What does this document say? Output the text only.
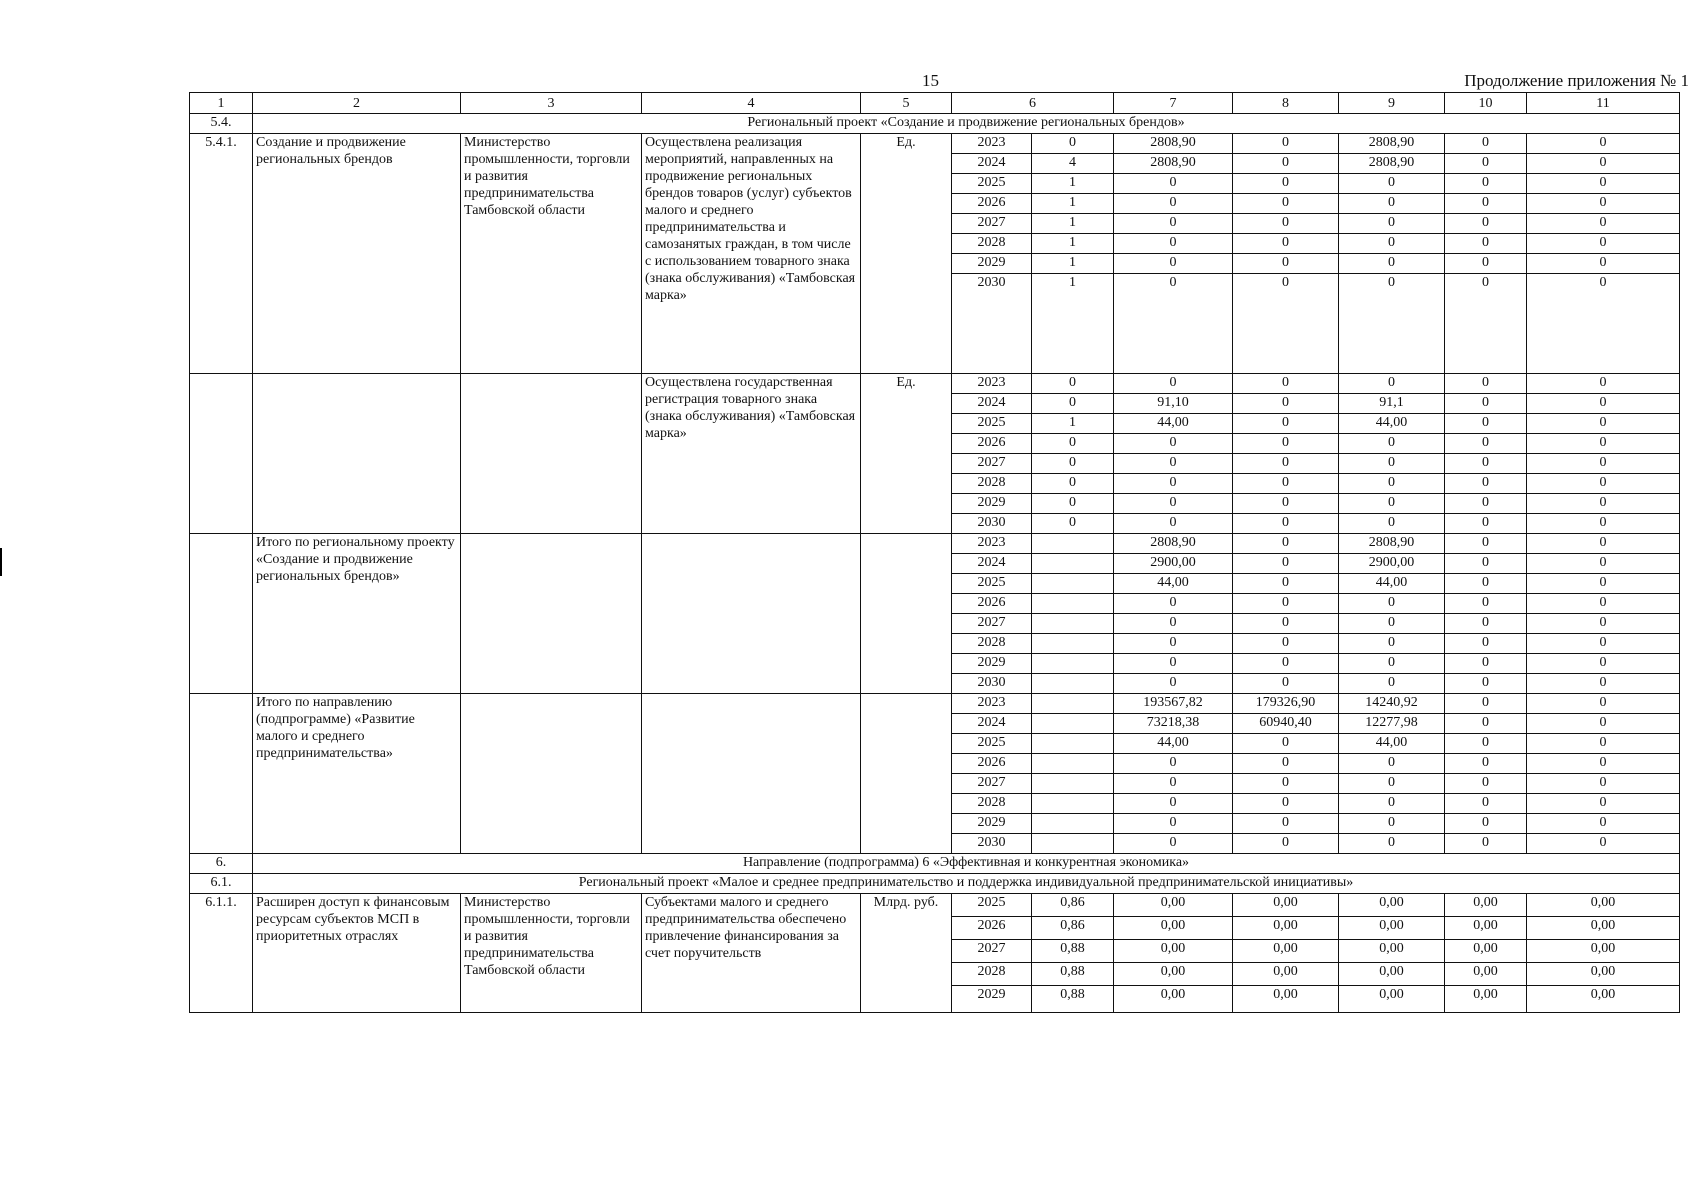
15	Продолжение приложения № 1
1	2	3	4	5	6		7	8	9	10	11
5.4.	Региональный проект «Создание и продвижение региональных брендов»										
5.4.1.	Создание и продвижение региональных брендов	Министерство промышленности, торговли и развития предпринимательства Тамбовской области	Осуществлена реализация мероприятий, направленных на продвижение региональных брендов товаров (услуг) субъектов малого и среднего предпринимательства и самозанятых граждан, в том числе с использованием товарного знака (знака обслуживания) «Тамбовская марка»	Ед.	2023	0	2808,90	0	2808,90	0	0
					2024	4	2808,90	0	2808,90	0	0
					2025	1	0	0	0	0	0
					2026	1	0	0	0	0	0
					2027	1	0	0	0	0	0
					2028	1	0	0	0	0	0
					2029	1	0	0	0	0	0
					2030	1	0	0	0	0	0
			Осуществлена государственная регистрация товарного знака (знака обслуживания) «Тамбовская марка»	Ед.	2023	0	0	0	0	0	0
					2024	0	91,10	0	91,1	0	0
					2025	1	44,00	0	44,00	0	0
					2026	0	0	0	0	0	0
					2027	0	0	0	0	0	0
					2028	0	0	0	0	0	0
					2029	0	0	0	0	0	0
					2030	0	0	0	0	0	0
	Итого по региональному проекту «Создание и продвижение региональных брендов»				2023		2808,90	0	2808,90	0	0
					2024		2900,00	0	2900,00	0	0
					2025		44,00	0	44,00	0	0
					2026		0	0	0	0	0
					2027		0	0	0	0	0
					2028		0	0	0	0	0
					2029		0	0	0	0	0
					2030		0	0	0	0	0
	Итого по направлению (подпрограмме) «Развитие малого и среднего предпринимательства»				2023		193567,82	179326,90	14240,92	0	0
					2024		73218,38	60940,40	12277,98	0	0
					2025		44,00	0	44,00	0	0
					2026		0	0	0	0	0
					2027		0	0	0	0	0
					2028		0	0	0	0	0
					2029		0	0	0	0	0
					2030		0	0	0	0	0
6.	Направление (подпрограмма) 6 «Эффективная и конкурентная экономика»										
6.1.	Региональный проект «Малое и среднее предпринимательство и поддержка индивидуальной предпринимательской инициативы»										
6.1.1.	Расширен доступ к финансовым ресурсам субъектов МСП в приоритетных отраслях	Министерство промышленности, торговли и развития предпринимательства Тамбовской области	Субъектами малого и среднего предпринимательства обеспечено привлечение финансирования за счет поручительств	Млрд. руб.	2025	0,86	0,00	0,00	0,00	0,00	0,00
					2026	0,86	0,00	0,00	0,00	0,00	0,00
					2027	0,88	0,00	0,00	0,00	0,00	0,00
					2028	0,88	0,00	0,00	0,00	0,00	0,00
					2029	0,88	0,00	0,00	0,00	0,00	0,00
